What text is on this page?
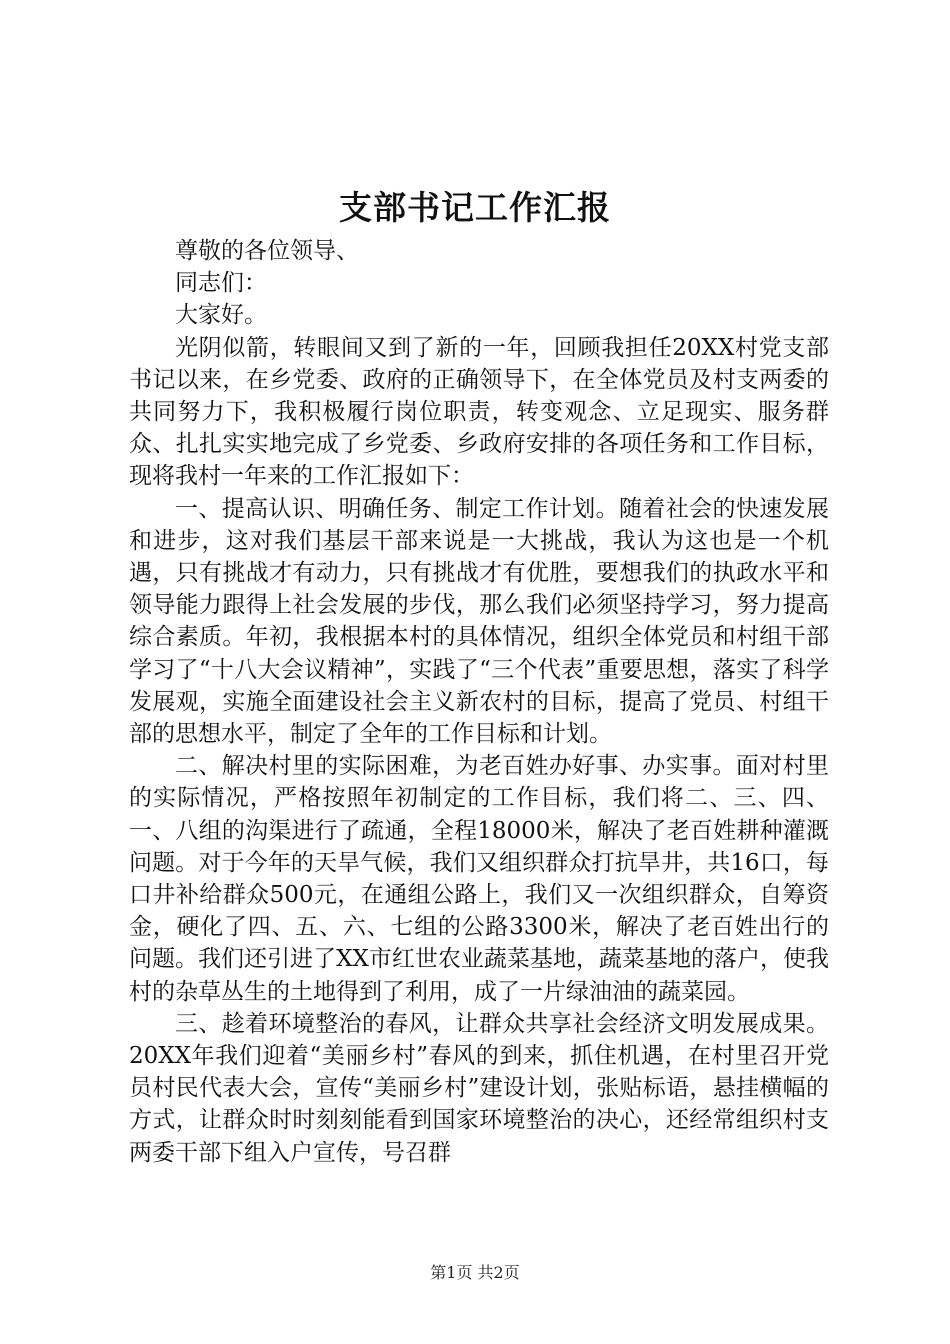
支部书记工作汇报

尊敬的各位领导、

同志们：

大家好。

光阴似箭，转眼间又到了新的一年，回顾我担任20XX村党支部书记以来，在乡党委、政府的正确领导下，在全体党员及村支两委的共同努力下，我积极履行岗位职责，转变观念、立足现实、服务群众、扎扎实实地完成了乡党委、乡政府安排的各项任务和工作目标，现将我村一年来的工作汇报如下：

一、提高认识、明确任务、制定工作计划。随着社会的快速发展和进步，这对我们基层干部来说是一大挑战，我认为这也是一个机遇，只有挑战才有动力，只有挑战才有优胜，要想我们的执政水平和领导能力跟得上社会发展的步伐，那么我们必须坚持学习，努力提高综合素质。年初，我根据本村的具体情况，组织全体党员和村组干部学习了“十八大会议精神”，实践了“三个代表”重要思想，落实了科学发展观，实施全面建设社会主义新农村的目标，提高了党员、村组干部的思想水平，制定了全年的工作目标和计划。

二、解决村里的实际困难，为老百姓办好事、办实事。面对村里的实际情况，严格按照年初制定的工作目标，我们将二、三、四、一、八组的沟渠进行了疏通，全程18000米，解决了老百姓耕种灌溉问题。对于今年的天旱气候，我们又组织群众打抗旱井，共16口，每口井补给群众500元，在通组公路上，我们又一次组织群众，自筹资金，硬化了四、五、六、七组的公路3300米，解决了老百姓出行的问题。我们还引进了XX市红世农业蔬菜基地，蔬菜基地的落户，使我村的杂草丛生的土地得到了利用，成了一片绿油油的蔬菜园。

三、趁着环境整治的春风，让群众共享社会经济文明发展成果。20XX年我们迎着“美丽乡村”春风的到来，抓住机遇，在村里召开党员村民代表大会，宣传“美丽乡村”建设计划，张贴标语，悬挂横幅的方式，让群众时时刻刻能看到国家环境整治的决心，还经常组织村支两委干部下组入户宣传，号召群

第1页 共2页
